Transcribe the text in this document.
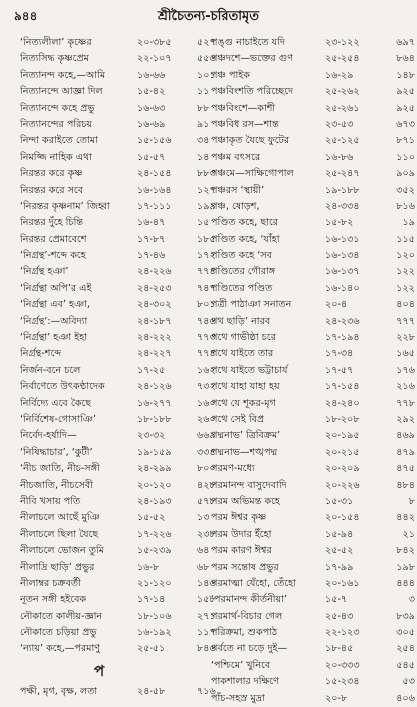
৯৪৪	শ্রীচৈতন্য-চরিতামৃত
‘নিত্যলীলা’ কৃষ্ণের	২০-৩৮৫	৫২৭
নিত্যসিদ্ধ কৃষ্ণপ্রেম	২২-১০৭	৫৫৬
নিত্যানন্দ কহে,—আমি	১৬-৬৬	১০১
নিত্যানন্দে আজ্ঞা দিল	১৫-৪২	১১
নিত্যানন্দে কহে প্রভু	১৬-৬৩	৮৮
নিত্যানন্দের পরিচয়	১৬-৬৯	৯১
নিন্দা করাইতে তোমা	১৫-১৫৬	৩৪
নিমজ্জি নাহিক এথা	১৫-৫৭	১৪
নিরন্তর করে কৃষ্ণ	২৪-১৫৪	৮৮৩
নিরন্তর করে সবে	১৬-১৬৪	১২৭
‘নিরন্তর কৃষ্ণনাম’ জিহ্বা	১৭-১১১	১৯৯
নিরন্তর দুঁহে চিন্তি	১৬-৪৭	১৫
নিরন্তর প্রেমাবেশে	১৭-৮৭	১৮৫
‘নিগ্রন্থ’-শব্দে কহে	১৭-৪৬	১৭২
‘নির্গ্রন্থ হঞা’	২৪-২২৬	৭৭৪
‘নির্গ্রন্থা অপি’র এই	২৪-২৫৩	৭৪৭
‘নির্গ্রন্থা এব’ হঞা,	২৪-৩০২	৮০১
‘নির্গ্রন্থ’:—অবিদ্যা	২৪-১৮৭	৭৪৬
‘নির্গ্রন্থা’ হঞা ইহা	২৪-২২২	৭৭৩
নির্গ্রন্থ-শব্দে	২৪-২২৭	৭৭৪
নির্জন-বনে চলে	১৭-২৫	১৬২
নির্বাণেতে উৎকণ্ঠাদেক	২৪-১২৬	৭৩২
নির্বিদ্যে এবে কৈছে	১৬-২৭৭	১৬০
‘নির্বিশেষ-গোসাঞি’	১৮-১৮৮	২৬০
নির্বেদ-হর্ষাদি—	২৩-৩২	৬৬৯
‘নিষিদ্ধাচার’, ‘কুটী’	১৯-১৫৯	৩৩৪
‘নীচ জাতি, নীচ-সঙ্গী	২৪-২৯৯	৮০০
নীচজাতি, নীচসেবী	২০-১২০	৪২৮
নীবি খসায় পতি	২৪-১৯৩	৫৭৮
নীলাচলে আছেঁ মুঞি	১৫-৫২	১৩
নীলাচলে ছিলা যৈছে	১৭-২২৬	২৩৮
নীলাচলে ভোজন তুমি	১৫-২৩৯	৬৪
নীলাদ্রি ছাড়ি’ প্রভুর	১৬-৮	৬৮
নীলাম্বর চক্রবর্তী	২১-১২০	১৪৬
নূতন সঙ্গী হইবেক	১৭-১৪	১৫৮
নৌকাতে কালীয়-জ্ঞান	১৮-১০৬	২৭১
নৌকাতে চড়িয়া প্রভু	১৬-১৯২	১১৭
‘ন্যায়’ কহে,—পরমাণু	২৫-৫১	৮৪৬
প
পক্ষী, মৃগ, বৃক্ষ, লতা	২৪-৫৮	৭১৬
পঙ্গু নাচাইতে যদি	২৩-১২২	৬৯৭
পঞ্চদশে—ভক্তের গুণ	২৫-২৫৪	৮৬৪
পঞ্চ পাইক	১৬-২৯	১৪৮
পঞ্চবিংশতি পরিচ্ছেদে	২৫-২৬২	৯২৫
পঞ্চবিংশে—কাশী	২৫-২৬১	৯২৫
পঞ্চবিধ রস—শান্ত	২৩-৫৩	৬৭৩
পঞ্চাকৃত যৈছে ফুটের	২৫-১২৫	৮৭১
পঞ্চম বৎসরে	১৬-৮৬	১১০
পঞ্চমে—সাক্ষিগোপাল	২৫-২৪৭	৯০৯
পঞ্চরস ‘স্থায়ী’	১৯-১৮৮	৩৫২
পঞ্চ, ষোড়শ,	২৪-৩৩৪	৮১৬
পণ্ডিত কহে, ছারে	১৫-৮২	১৯
পণ্ডিত কহে, ‘যাঁহা	১৬-১৩১	১১৫
পণ্ডিত কহে ‘সব	১৬-১৩৪	১২০
পণ্ডিতের গৌরাঙ্গ	১৬-১৩৭	১২২
পণ্ডিতের পণ্ডিত	১৬-১৪০	১২২
পত্রী পাঠাঞা সনাতন	২০-৪	৪০৪
পথ ছাড়ি’ নারব	২৪-২৩৬	৭৭৭
পথে গাভীষ্ঠা চরে	১৭-১৯৪	২২৮
পথে যাইতে তার	১৭-৩৪	১৬৫
পথে যাইতে ভট্টাচার্য	১৭-৫৭	১৭৬
পথে যাহা যাহা হয়	১৭-১৫৪	২১৬
পথে যে শূকর-মৃগ	২৪-২৪০	৭৭৮
পথে সেই বিপ্র	১৮-২০৮	২৯২
পদ্মনাভ’ ত্রিবিক্রম’	২০-১৯৫	৪৬৯
পদ্মনাভ—শঙ্খপদ্ম	২০-২১৫	৪৭৯
পরমণ-মধ্যে	২০-২০৯	৪৭৫
পরমানন্দ বাসুদেবাদি	২০-২২৬	৪৮৪
পরম অভিমন্ত কহে	১৫-৩১	৮
পরম ঈশ্বর কৃষ্ণ	২০-১৫৪	৪৪২
পরম উদার ইঁহো	১৫-৯৪	২১
পরম কারণ ঈশ্বর	২৫-৫২	৮৪২
পরম সন্তোষ প্রভুর	১৭-৯৯	১৯৮
পরমাত্মা যেঁহো, তেঁহো	২০-১৬১	৪৪৪
‘পরমানন্দ কীর্তনীয়া’	১৫-৭	৩
পরমার্থ-বিচার গেল	২৫-৪৩	৮৩৯
পরিক্রমা, শুকপাঠ	২২-১২৩	৩০৫
পর্বতে না চড়ে দুই—	১৮-৪৫	২৫৪
‘পশ্চিমে’ খুনিবে	২০-৩৩৩	৫৪৫
পাকশালার দক্ষিণে	১৫-২৩৪	৫৩
পাঁচ-সহস্র মুদ্রা	২০-৮	৪০৬
